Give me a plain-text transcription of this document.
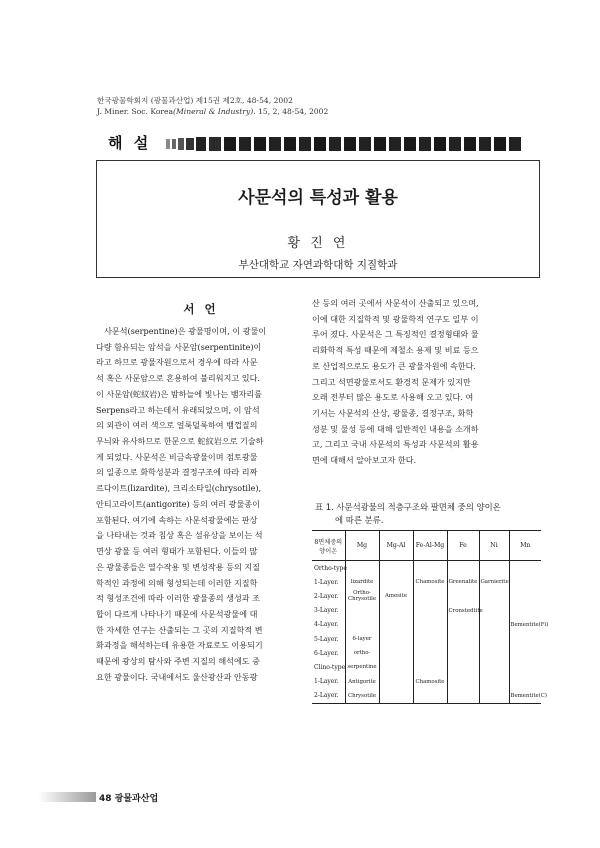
한국광물학회지 (광물과산업) 제15권 제2호, 48-54, 2002
J. Miner. Soc. Korea(Mineral & Industry). 15, 2, 48-54, 2002
해 설
사문석의 특성과 활용
황 진 연
부산대학교 자연과학대학 지질학과
서 언

사문석(serpentine)은 광물명이며, 이 광물이

다량 함유되는 암석을 사문암(serpentinite)이

라고 하므로 광물자원으로서 경우에 따라 사문

석 혹은 사문암으로 혼용하여 불리워지고 있다.

이 사문암(蛇紋岩)은 밤하늘에 빛나는 뱀자리를

Serpens라고 하는데서 유래되었으며, 이 암석

의 외관이 여러 색으로 얼룩덜룩하여 뱀껍질의

무늬와 유사하므로 한문으로 蛇紋岩으로 기술하

게 되었다. 사문석은 비금속광물이며 점토광물

의 일종으로 화학성분과 결정구조에 따라 리짜

르다이트(lizardite), 크리소타일(chrysotile),

안티고라이트(antigorite) 등의 여러 광물종이

포함된다. 여기에 속하는 사문석광물에는 판상

을 나타내는 것과 침상 혹은 섬유상을 보이는 석

면상 광물 등 여러 형태가 포함된다. 이들의 많

은 광물종들은 열수작용 및 변성작용 등의 지질

학적인 과정에 의해 형성되는데 이러한 지질학

적 형성조건에 따라 이러한 광물종의 생성과 조

합이 다르게 나타나기 때문에 사문석광물에 대

한 자세한 연구는 산출되는 그 곳의 지질학적 변

화과정을 해석하는데 유용한 자료로도 이용되기

때문에 광상의 탐사와 주변 지질의 해석에도 중

요한 광물이다. 국내에서도 울산광산과 안동광

산 등의 여러 곳에서 사문석이 산출되고 있으며,

이에 대한 지질학적 및 광물학적 연구도 일부 이

루어 졌다. 사문석은 그 특징적인 결정형태와 물

리화학적 특성 때문에 제철소 용제 및 비료 등으

로 산업적으로도 용도가 큰 광물자원에 속한다.

그리고 석면광물로서도 환경적 문제가 있지만

오래 전부터 많은 용도로 사용해 오고 있다. 여

기서는 사문석의 산상, 광물종, 결정구조, 화학

성분 및 물성 등에 대해 일반적인 내용을 소개하

고, 그리고 국내 사문석의 특성과 사문석의 활용

면에 대해서 알아보고자 한다.

표 1. 사문석광물의 적층구조와 팔면체 중의 양이온
에 따른 분류.
8면체중의 양이온	Mg	Mg-Al	Fe-Al-Mg	Fe	Ni	Mn
Ortho-type						
1-Layer.	lizardite		Chamosite	Greenalite	Garnierite	
2-Layer.	Ortho-Chrysotile	Amesite				
3-Layer.				Cronstedtite		
4-Layer.						Bementite(Fi)
5-Layer.	6-layer					
6-Layer.	ortho-					
Clino-type	serpentine					
1-Layer.	Antigorite		Chamosite			
2-Layer.	Chrysotile					Bementite(C)
48 광물과산업
